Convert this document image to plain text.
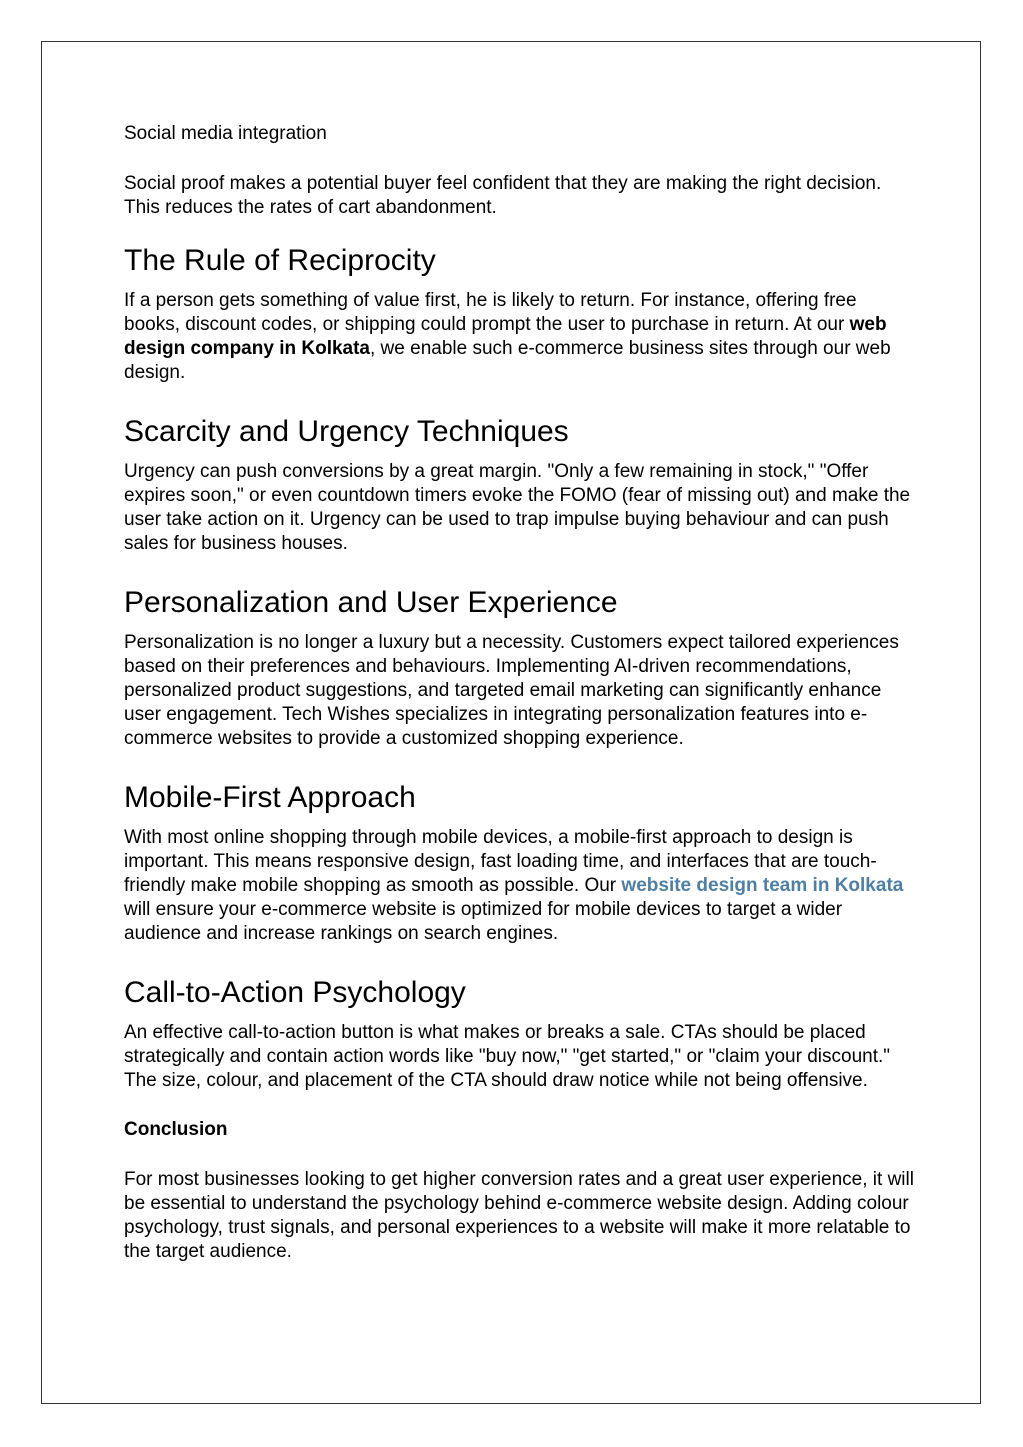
Social media integration

Social proof makes a potential buyer feel confident that they are making the right decision. This reduces the rates of cart abandonment.

The Rule of Reciprocity

If a person gets something of value first, he is likely to return. For instance, offering free books, discount codes, or shipping could prompt the user to purchase in return. At our web design company in Kolkata, we enable such e-commerce business sites through our web design.

Scarcity and Urgency Techniques

Urgency can push conversions by a great margin. "Only a few remaining in stock," "Offer expires soon," or even countdown timers evoke the FOMO (fear of missing out) and make the user take action on it. Urgency can be used to trap impulse buying behaviour and can push sales for business houses.

Personalization and User Experience

Personalization is no longer a luxury but a necessity. Customers expect tailored experiences based on their preferences and behaviours. Implementing AI-driven recommendations, personalized product suggestions, and targeted email marketing can significantly enhance user engagement. Tech Wishes specializes in integrating personalization features into e-commerce websites to provide a customized shopping experience.

Mobile-First Approach

With most online shopping through mobile devices, a mobile-first approach to design is important. This means responsive design, fast loading time, and interfaces that are touch-friendly make mobile shopping as smooth as possible. Our website design team in Kolkata will ensure your e-commerce website is optimized for mobile devices to target a wider audience and increase rankings on search engines.

Call-to-Action Psychology

An effective call-to-action button is what makes or breaks a sale. CTAs should be placed strategically and contain action words like "buy now," "get started," or "claim your discount." The size, colour, and placement of the CTA should draw notice while not being offensive.

Conclusion

For most businesses looking to get higher conversion rates and a great user experience, it will be essential to understand the psychology behind e-commerce website design. Adding colour psychology, trust signals, and personal experiences to a website will make it more relatable to the target audience.
